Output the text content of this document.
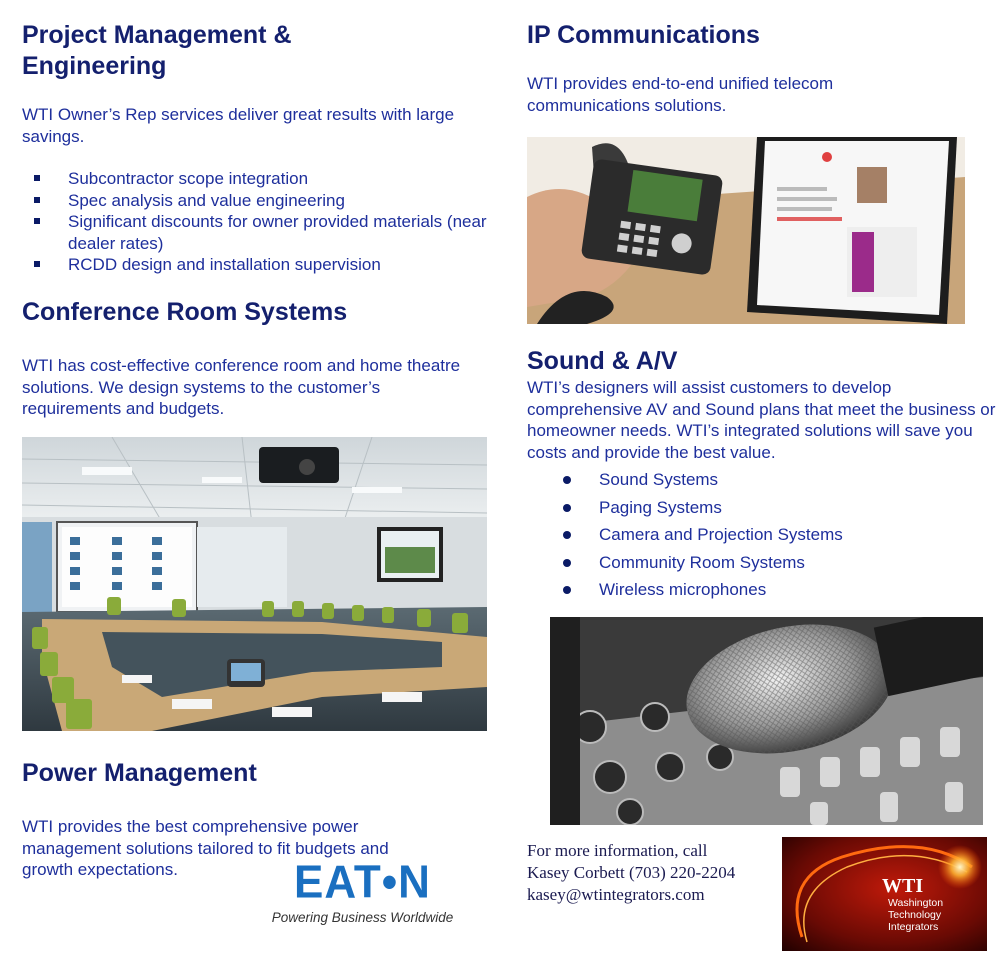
Project Management &
Engineering

WTI Owner’s Rep services deliver great results with large savings.

Subcontractor scope integration
Spec analysis and value engineering
Significant discounts for owner provided materials (near dealer rates)
RCDD design and installation supervision
Conference Room Systems

WTI has cost-effective conference room and home theatre solutions. We design systems to the customer’s requirements and budgets.

Power Management

WTI provides the best comprehensive power management solutions tailored to fit budgets and growth expectations.	EAT•N
Powering Business Worldwide
IP Communications

WTI provides end-to-end unified telecom communications solutions.

Sound & A/V

WTI’s designers will assist customers to develop comprehensive AV and Sound plans that meet the business or homeowner needs. WTI’s integrated solutions will save you costs and provide the best value.

Sound Systems
Paging Systems
Camera and Projection Systems
Community Room Systems
Wireless microphones
For more information, call
Kasey Corbett (703) 220-2204
kasey@wtintegrators.com	WTI
Washington
Technology
Integrators
